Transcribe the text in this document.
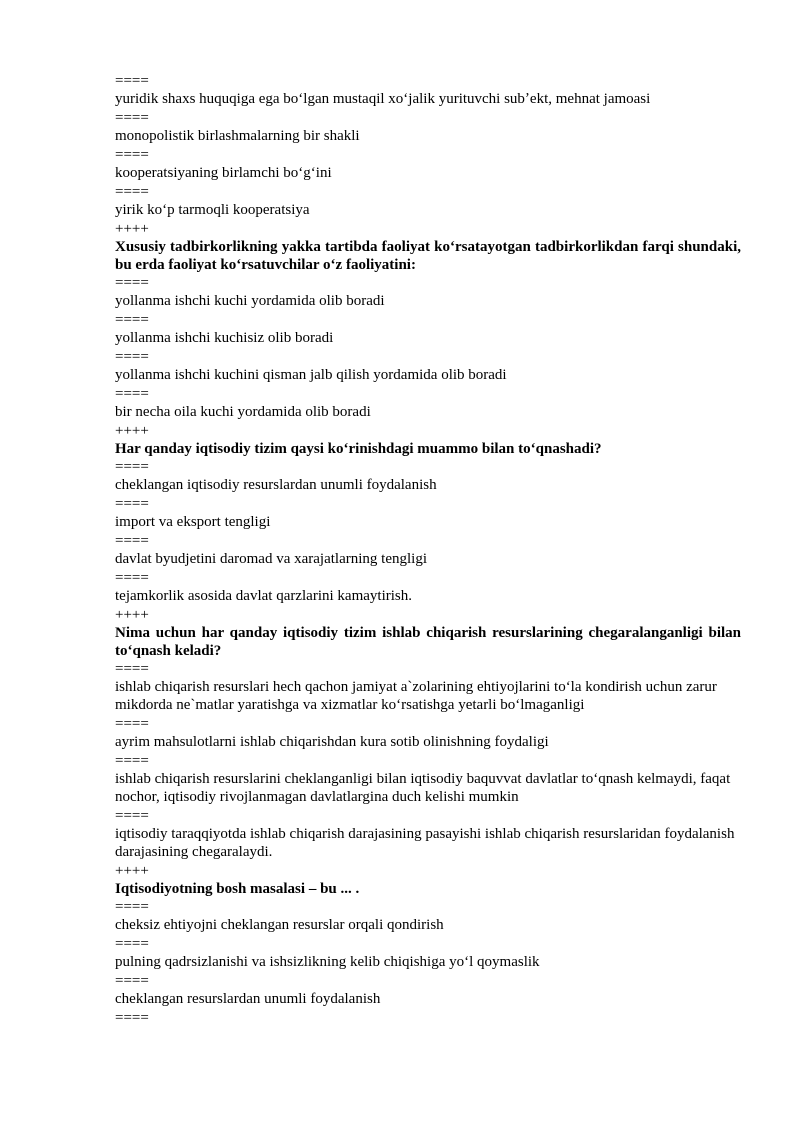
====
yuridik shaxs huquqiga ega boʻlgan mustaqil xoʻjalik yurituvchi subʼekt, mehnat jamoasi
====
monopolistik birlashmalarning bir shakli
====
kooperatsiyaning birlamchi boʻgʻini
====
yirik koʻp tarmoqli kooperatsiya
++++
Xususiy tadbirkorlikning yakka tartibda faoliyat koʻrsatayotgan tadbirkorlikdan farqi shundaki, bu erda faoliyat koʻrsatuvchilar oʻz faoliyatini:
====
yollanma ishchi kuchi yordamida olib boradi
====
yollanma ishchi kuchisiz olib boradi
====
yollanma ishchi kuchini qisman jalb qilish yordamida olib boradi
====
bir necha oila kuchi yordamida olib boradi
++++
Har qanday iqtisodiy tizim qaysi koʻrinishdagi muammo bilan toʻqnashadi?
====
cheklangan iqtisodiy resurslardan unumli foydalanish
====
import va eksport tengligi
====
davlat byudjetini daromad va xarajatlarning tengligi
====
tejamkorlik asosida davlat qarzlarini kamaytirish.
++++
Nima uchun har qanday iqtisodiy tizim ishlab chiqarish resurslarining chegaralanganligi bilan toʻqnash keladi?
====
ishlab chiqarish resurslari hech qachon jamiyat a`zolarining ehtiyojlarini toʻla kondirish uchun zarur mikdorda ne`matlar yaratishga va xizmatlar koʻrsatishga yetarli boʻlmaganligi
====
ayrim mahsulotlarni ishlab chiqarishdan kura sotib olinishning foydaligi
====
ishlab chiqarish resurslarini cheklanganligi bilan iqtisodiy baquvvat davlatlar toʻqnash kelmaydi, faqat nochor, iqtisodiy rivojlanmagan davlatlargina duch kelishi mumkin
====
iqtisodiy taraqqiyotda ishlab chiqarish darajasining pasayishi ishlab chiqarish resurslaridan foydalanish darajasining chegaralaydi.
++++
Iqtisodiyotning bosh masalasi – bu ... .
====
cheksiz ehtiyojni cheklangan resurslar orqali qondirish
====
pulning qadrsizlanishi va ishsizlikning kelib chiqishiga yoʻl qoymaslik
====
cheklangan resurslardan unumli foydalanish
====
